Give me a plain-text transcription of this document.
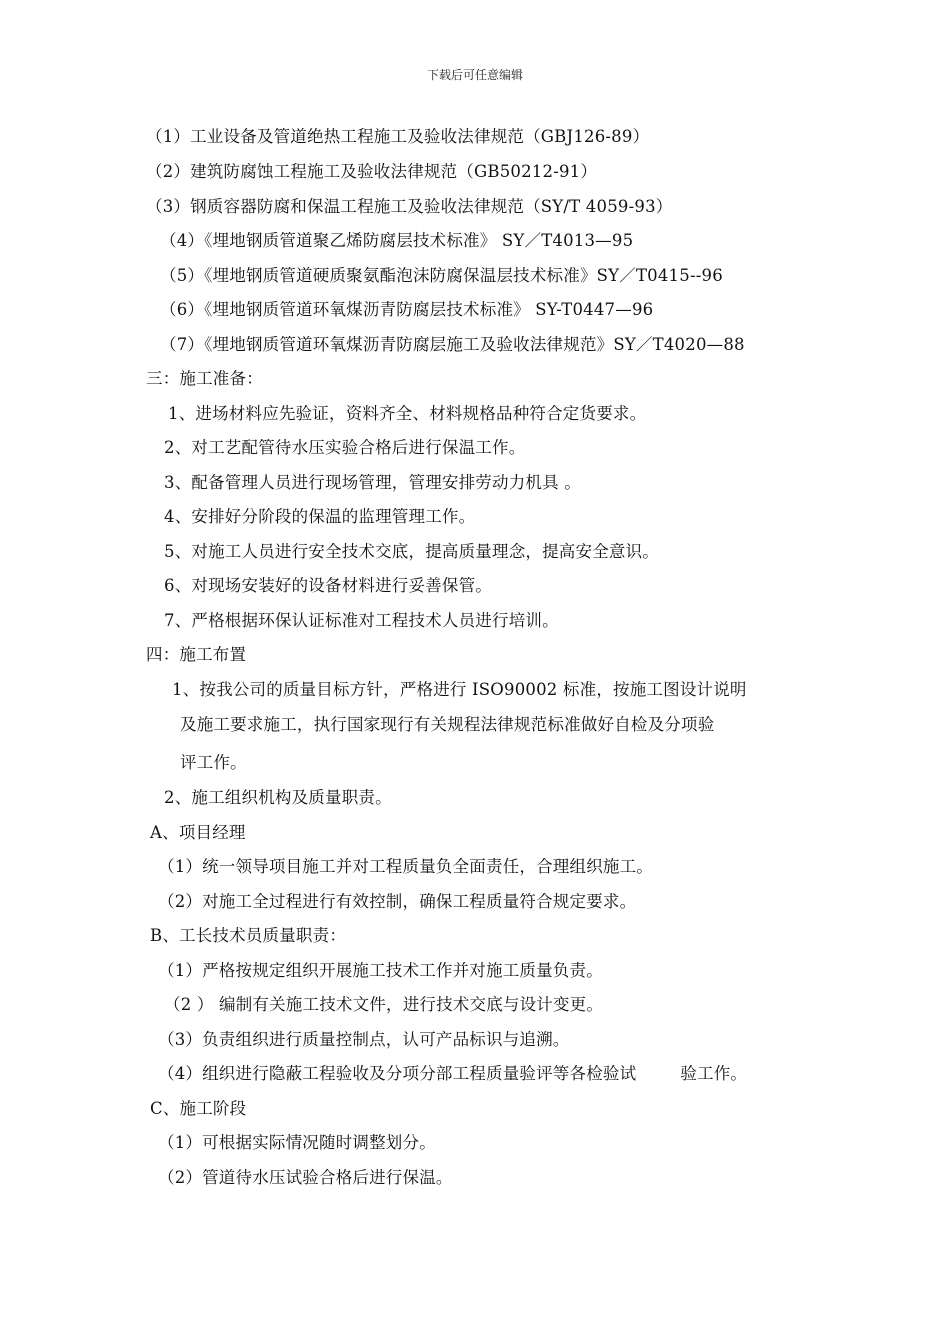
下载后可任意编辑
（1）工业设备及管道绝热工程施工及验收法律规范（GBJ126-89）
（2）建筑防腐蚀工程施工及验收法律规范（GB50212-91）
（3）钢质容器防腐和保温工程施工及验收法律规范（SY/T 4059-93）
（4）《埋地钢质管道聚乙烯防腐层技术标准》 SY／T4013—95
（5）《埋地钢质管道硬质聚氨酯泡沫防腐保温层技术标准》SY／T0415--96
（6）《埋地钢质管道环氧煤沥青防腐层技术标准》 SY-T0447—96
（7）《埋地钢质管道环氧煤沥青防腐层施工及验收法律规范》SY／T4020—88
三：施工准备：
1、进场材料应先验证，资料齐全、材料规格品种符合定货要求。
2、对工艺配管待水压实验合格后进行保温工作。
3、配备管理人员进行现场管理，管理安排劳动力机具 。
4、安排好分阶段的保温的监理管理工作。
5、对施工人员进行安全技术交底，提高质量理念，提高安全意识。
6、对现场安装好的设备材料进行妥善保管。
7、严格根据环保认证标准对工程技术人员进行培训。
四：施工布置
1、按我公司的质量目标方针，严格进行 ISO90002 标准，按施工图设计说明
及施工要求施工，执行国家现行有关规程法律规范标准做好自检及分项验
评工作。
2、施工组织机构及质量职责。
A、项目经理
（1）统一领导项目施工并对工程质量负全面责任，合理组织施工。
（2）对施工全过程进行有效控制，确保工程质量符合规定要求。
B、工长技术员质量职责：
（1）严格按规定组织开展施工技术工作并对施工质量负责。
（2 ） 编制有关施工技术文件，进行技术交底与设计变更。
（3）负责组织进行质量控制点，认可产品标识与追溯。
（4）组织进行隐蔽工程验收及分项分部工程质量验评等各检验试	验工作。
C、施工阶段
（1）可根据实际情况随时调整划分。
（2）管道待水压试验合格后进行保温。
